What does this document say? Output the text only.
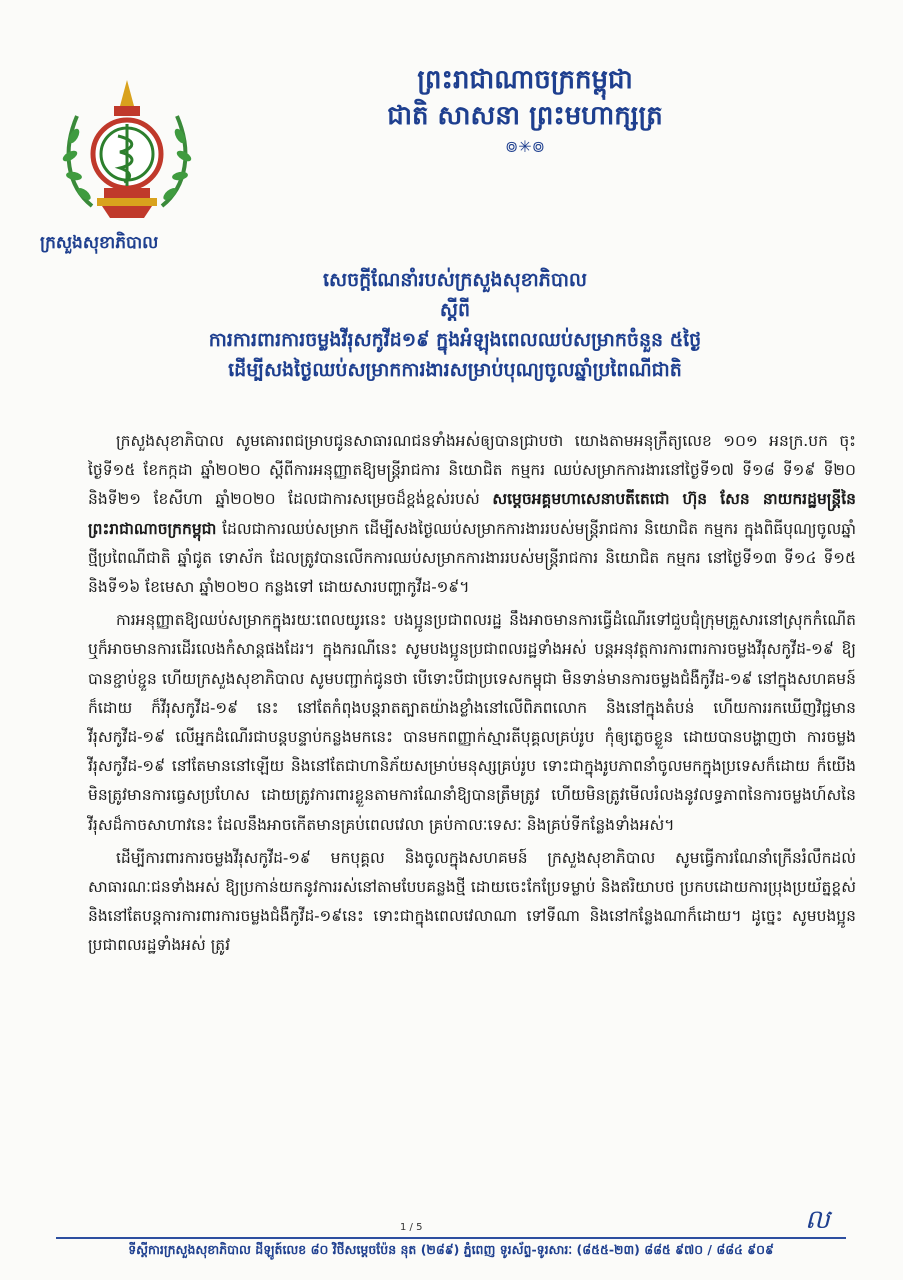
ក្រសួងសុខាភិបាល
ព្រះរាជាណាចក្រកម្ពុជា
ជាតិ សាសនា ព្រះមហាក្សត្រ
៙✳៙
សេចក្តីណែនាំរបស់ក្រសួងសុខាភិបាល
ស្តីពី
ការការពារការចម្លងវីរុសកូវីដ១៩ ក្នុងអំឡុងពេលឈប់សម្រាកចំនួន ៥ថ្ងៃ
ដើម្បីសងថ្ងៃឈប់សម្រាកការងារសម្រាប់បុណ្យចូលឆ្នាំប្រពៃណីជាតិ

ក្រសួងសុខាភិបាល សូមគោរពជម្រាបជូនសាធារណជនទាំងអស់ឲ្យបានជ្រាបថា យោងតាមអនុក្រឹត្យលេខ ១០១ អនក្រ.បក ចុះថ្ងៃទី១៥ ខែកក្កដា ឆ្នាំ២០២០ ស្តីពីការអនុញ្ញាតឱ្យមន្ត្រីរាជការ និយោជិត កម្មករ ឈប់សម្រាកការងារនៅថ្ងៃទី១៧ ទី១៨ ទី១៩ ទី២០ និងទី២១ ខែសីហា ឆ្នាំ២០២០ ដែលជាការសម្រេចដ៏ខ្ពង់ខ្ពស់របស់ សម្តេចអគ្គមហាសេនាបតីតេជោ ហ៊ុន សែន នាយករដ្ឋមន្ត្រីនៃព្រះរាជាណាចក្រកម្ពុជា ដែលជាការឈប់សម្រាក ដើម្បីសងថ្ងៃឈប់សម្រាកការងាររបស់មន្ត្រីរាជការ និយោជិត កម្មករ ក្នុងពិធីបុណ្យចូលឆ្នាំថ្មីប្រពៃណីជាតិ ឆ្នាំជូត ទោស័ក ដែលត្រូវបានលើកការឈប់សម្រាកការងាររបស់មន្ត្រីរាជការ និយោជិត កម្មករ នៅថ្ងៃទី១៣ ទី១៤ ទី១៥ និងទី១៦ ខែមេសា ឆ្នាំ២០២០ កន្លងទៅ ដោយសារបញ្ហាកូវីដ-១៩។

ការអនុញ្ញាតឱ្យឈប់សម្រាកក្នុងរយៈពេលយូរនេះ បងប្អូនប្រជាពលរដ្ឋ នឹងអាចមានការធ្វើដំណើរទៅជួបជុំក្រុមគ្រួសារនៅស្រុកកំណើត ឬក៏អាចមានការដើរលេងកំសាន្តផងដែរ។ ក្នុងករណីនេះ សូមបងប្អូនប្រជាពលរដ្ឋទាំងអស់ បន្តអនុវត្តការការពារការចម្លងវីរុសកូវីដ-១៩ ឱ្យបានខ្ជាប់ខ្ជួន ហើយក្រសួងសុខាភិបាល សូមបញ្ជាក់ជូនថា បើទោះបីជាប្រទេសកម្ពុជា មិនទាន់មានការចម្លងជំងឺកូវីដ-១៩ នៅក្នុងសហគមន៍ក៏ដោយ ក៏វីរុសកូវីដ-១៩ នេះ នៅតែកំពុងបន្តរាតត្បាតយ៉ាងខ្លាំងនៅលើពិភពលោក និងនៅក្នុងតំបន់ ហើយការរកឃើញវិជ្ជមានវីរុសកូវីដ-១៩ លើអ្នកដំណើរជាបន្តបន្ទាប់កន្លងមកនេះ បានមកពញ្ញាក់ស្មារតីបុគ្គលគ្រប់រូប កុំឲ្យភ្លេចខ្លួន ដោយបានបង្ហាញថា ការចម្លងវីរុសកូវីដ-១៩ នៅតែមាននៅឡើយ និងនៅតែជាហានិភ័យសម្រាប់មនុស្សគ្រប់រូប ទោះជាក្នុងរូបភាពនាំចូលមកក្នុងប្រទេសក៏ដោយ ក៏យើងមិនត្រូវមានការធ្វេសប្រហែស ដោយត្រូវការពារខ្លួនតាមការណែនាំឱ្យបានត្រឹមត្រូវ ហើយមិនត្រូវមើលរំលងនូវលទ្ធភាពនៃការចម្លងហ៍សនៃវីរុសដ៏កាចសាហាវនេះ ដែលនឹងអាចកើតមានគ្រប់ពេលវេលា គ្រប់កាលៈទេសៈ និងគ្រប់ទីកន្លែងទាំងអស់។

ដើម្បីការពារការចម្លងវីរុសកូវីដ-១៩ មកបុគ្គល និងចូលក្នុងសហគមន៍ ក្រសួងសុខាភិបាល សូមធ្វើការណែនាំក្រើនរំលឹកដល់សាធារណៈជនទាំងអស់ ឱ្យប្រកាន់យកនូវការរស់នៅតាមបែបគន្លងថ្មី ដោយចេះកែប្រែទម្លាប់ និងឥរិយាបថ ប្រកបដោយការប្រុងប្រយ័ត្នខ្ពស់ និងនៅតែបន្តការការពារការចម្លងជំងឺកូវីដ-១៩នេះ ទោះជាក្នុងពេលវេលាណា ទៅទីណា និងនៅកន្លែងណាក៏ដោយ។ ដូច្នេះ សូមបងប្អូនប្រជាពលរដ្ឋទាំងអស់ ត្រូវ

1 / 5	ល
ទីស្តីការក្រសួងសុខាភិបាល ដីឡូត៍លេខ ៨០ វិថីសម្តេចប៉ែន នុត (២៨៩) ភ្នំពេញ ទូរស័ព្ទ-ទូរសារៈ (៨៥៥-២៣) ៨៨៥ ៩៧០ / ៨៨៤ ៩០៩
